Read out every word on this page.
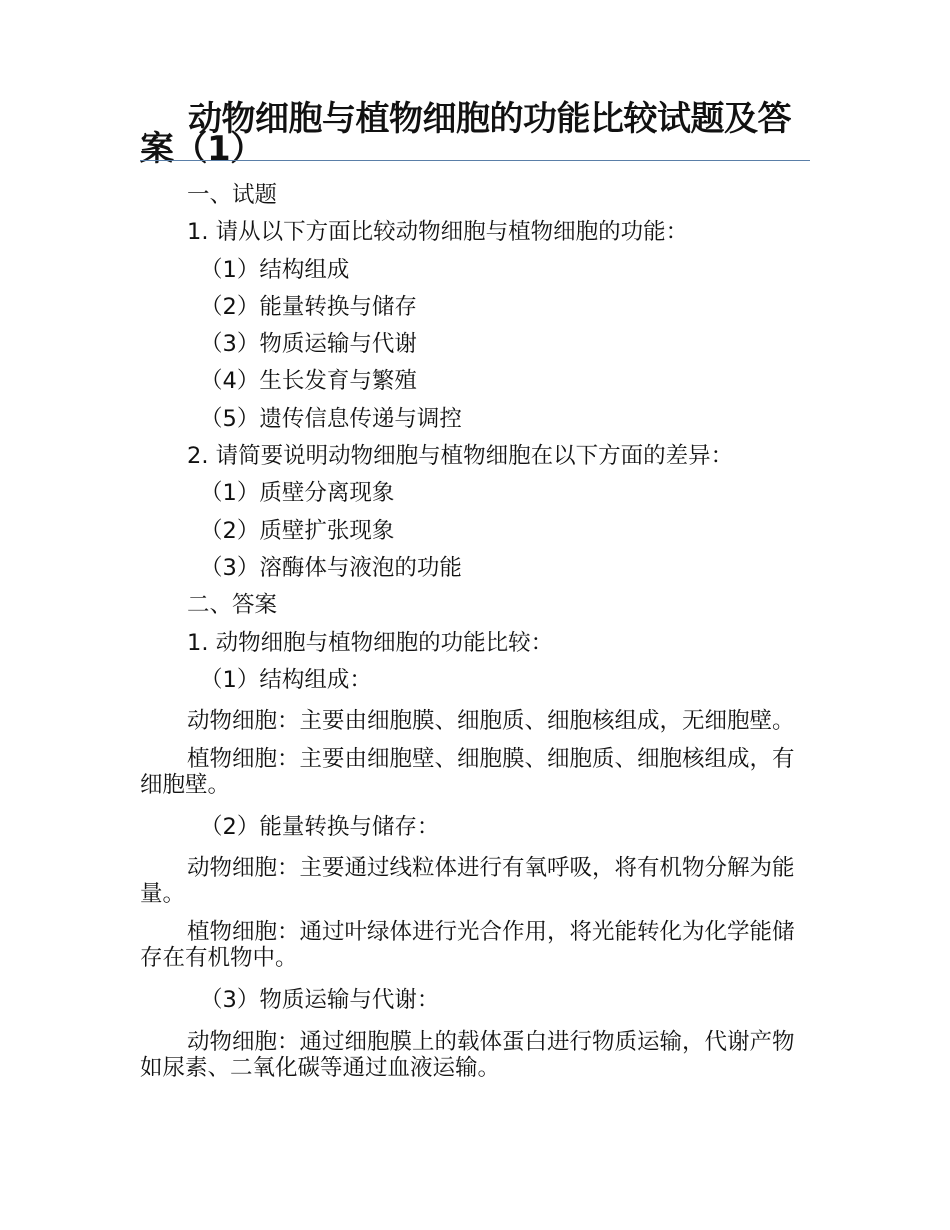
动物细胞与植物细胞的功能比较试题及答案（1）
一、试题
1. 请从以下方面比较动物细胞与植物细胞的功能：
（1）结构组成
（2）能量转换与储存
（3）物质运输与代谢
（4）生长发育与繁殖
（5）遗传信息传递与调控
2. 请简要说明动物细胞与植物细胞在以下方面的差异：
（1）质壁分离现象
（2）质壁扩张现象
（3）溶酶体与液泡的功能
二、答案
1. 动物细胞与植物细胞的功能比较：
（1）结构组成：
动物细胞：主要由细胞膜、细胞质、细胞核组成，无细胞壁。
植物细胞：主要由细胞壁、细胞膜、细胞质、细胞核组成，有细胞壁。
（2）能量转换与储存：
动物细胞：主要通过线粒体进行有氧呼吸，将有机物分解为能量。
植物细胞：通过叶绿体进行光合作用，将光能转化为化学能储存在有机物中。
（3）物质运输与代谢：
动物细胞：通过细胞膜上的载体蛋白进行物质运输，代谢产物如尿素、二氧化碳等通过血液运输。
